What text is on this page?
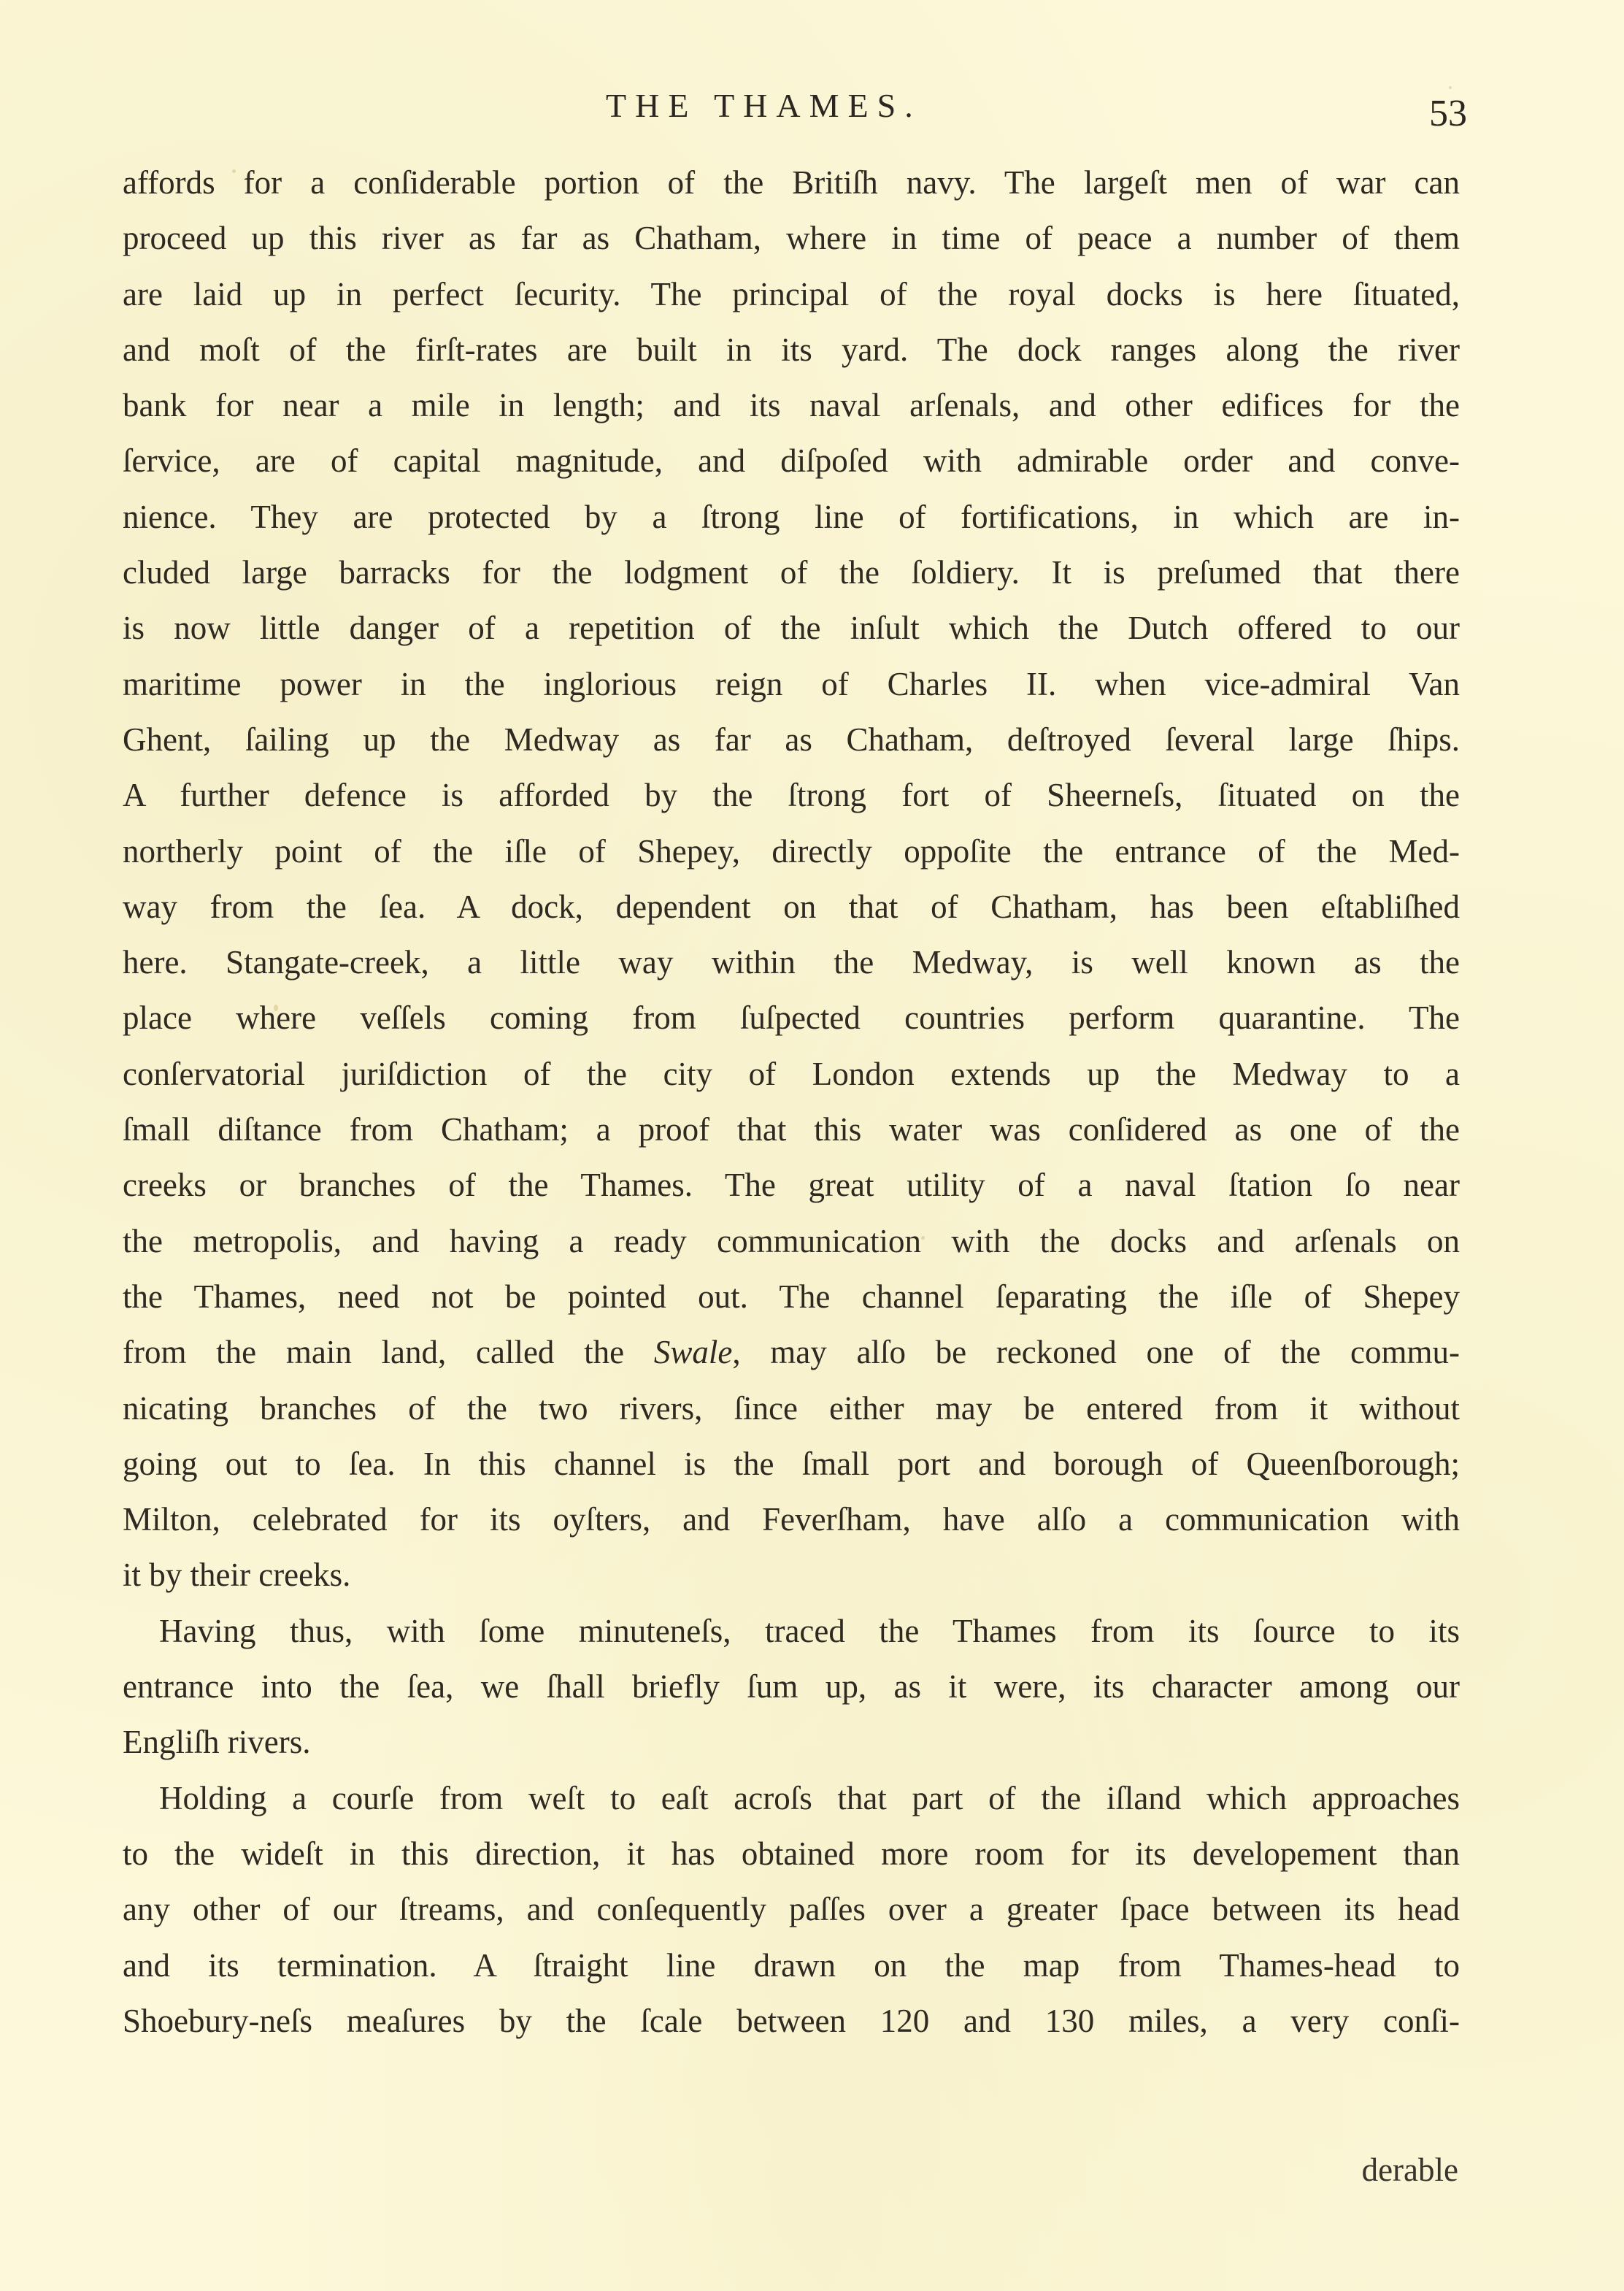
THE THAMES.	53
affords for a conſiderable portion of the Britiſh navy. The largeſt men of war can
proceed up this river as far as Chatham, where in time of peace a number of them
are laid up in perfect ſecurity. The principal of the royal docks is here ſituated,
and moſt of the firſt-rates are built in its yard. The dock ranges along the river
bank for near a mile in length; and its naval arſenals, and other edifices for the
ſervice, are of capital magnitude, and diſpoſed with admirable order and conve-
nience. They are protected by a ſtrong line of fortifications, in which are in-
cluded large barracks for the lodgment of the ſoldiery. It is preſumed that there
is now little danger of a repetition of the inſult which the Dutch offered to our
maritime power in the inglorious reign of Charles II. when vice-admiral Van
Ghent, ſailing up the Medway as far as Chatham, deſtroyed ſeveral large ſhips.
A further defence is afforded by the ſtrong fort of Sheerneſs, ſituated on the
northerly point of the iſle of Shepey, directly oppoſite the entrance of the Med-
way from the ſea. A dock, dependent on that of Chatham, has been eſtabliſhed
here. Stangate-creek, a little way within the Medway, is well known as the
place where veſſels coming from ſuſpected countries perform quarantine. The
conſervatorial juriſdiction of the city of London extends up the Medway to a
ſmall diſtance from Chatham; a proof that this water was conſidered as one of the
creeks or branches of the Thames. The great utility of a naval ſtation ſo near
the metropolis, and having a ready communication with the docks and arſenals on
the Thames, need not be pointed out. The channel ſeparating the iſle of Shepey
from the main land, called the Swale, may alſo be reckoned one of the commu-
nicating branches of the two rivers, ſince either may be entered from it without
going out to ſea. In this channel is the ſmall port and borough of Queenſborough;
Milton, celebrated for its oyſters, and Feverſham, have alſo a communication with
it by their creeks.
Having thus, with ſome minuteneſs, traced the Thames from its ſource to its
entrance into the ſea, we ſhall briefly ſum up, as it were, its character among our
Engliſh rivers.
Holding a courſe from weſt to eaſt acroſs that part of the iſland which approaches
to the wideſt in this direction, it has obtained more room for its developement than
any other of our ſtreams, and conſequently paſſes over a greater ſpace between its head
and its termination. A ſtraight line drawn on the map from Thames-head to
Shoebury-neſs meaſures by the ſcale between 120 and 130 miles, a very conſi-
derable
